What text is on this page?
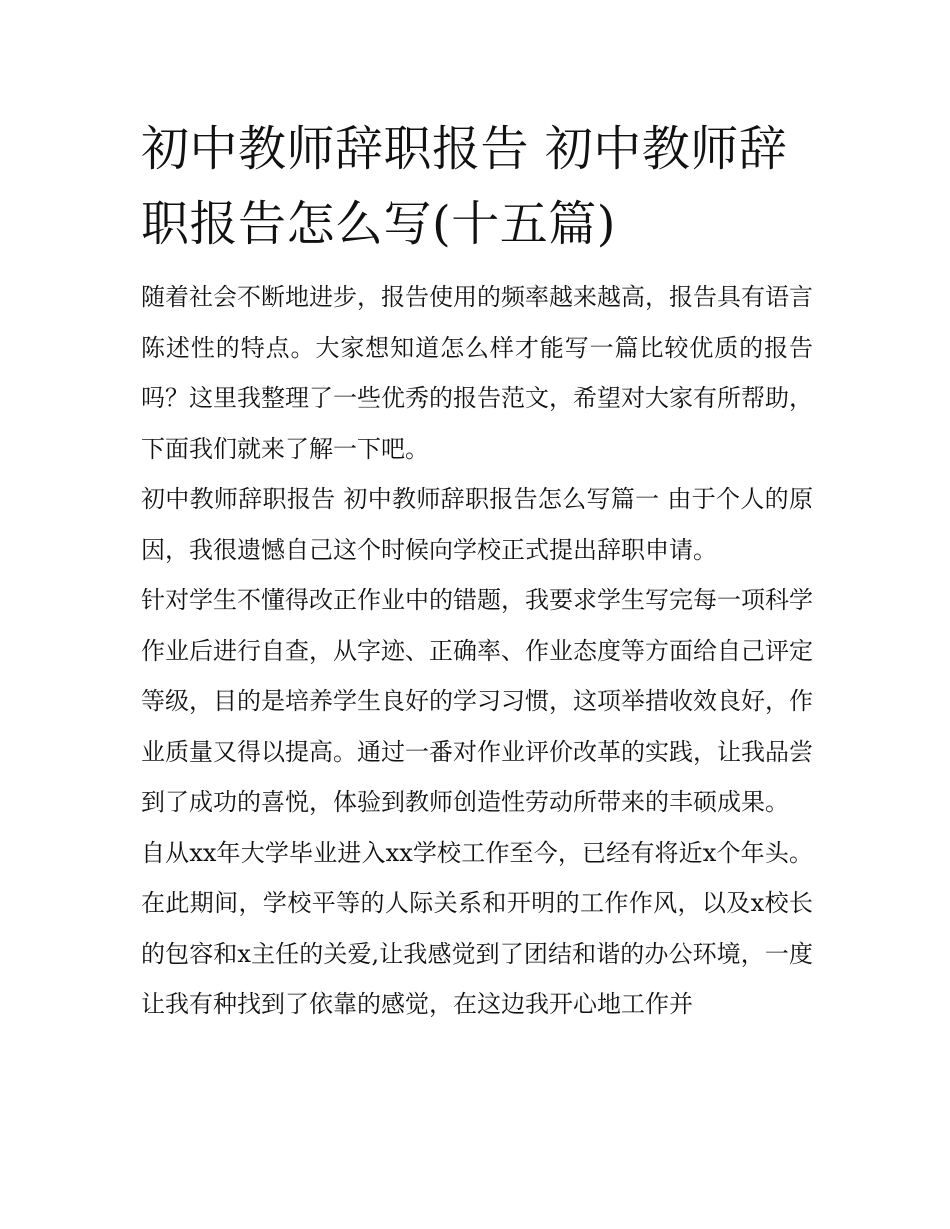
初中教师辞职报告 初中教师辞职报告怎么写(十五篇)

随着社会不断地进步，报告使用的频率越来越高，报告具有语言陈述性的特点。大家想知道怎么样才能写一篇比较优质的报告吗？这里我整理了一些优秀的报告范文，希望对大家有所帮助，下面我们就来了解一下吧。

初中教师辞职报告 初中教师辞职报告怎么写篇一 由于个人的原因，我很遗憾自己这个时候向学校正式提出辞职申请。

针对学生不懂得改正作业中的错题，我要求学生写完每一项科学作业后进行自查，从字迹、正确率、作业态度等方面给自己评定等级，目的是培养学生良好的学习习惯，这项举措收效良好，作业质量又得以提高。通过一番对作业评价改革的实践，让我品尝到了成功的喜悦，体验到教师创造性劳动所带来的丰硕成果。

自从xx年大学毕业进入xx学校工作至今，已经有将近x个年头。在此期间，学校平等的人际关系和开明的工作作风，以及x校长的包容和x主任的关爱,让我感觉到了团结和谐的办公环境，一度让我有种找到了依靠的感觉，在这边我开心地工作并
